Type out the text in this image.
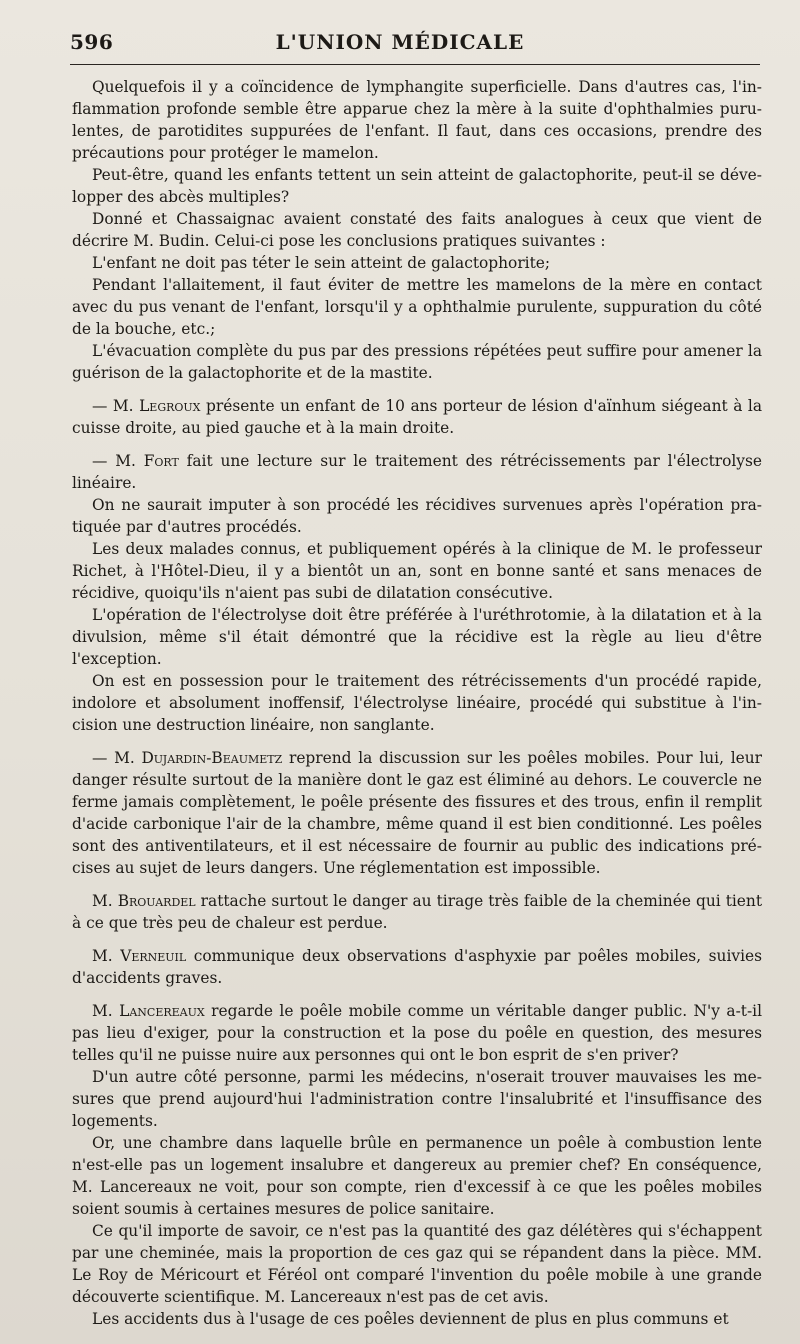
596	L'UNION MÉDICALE

Quelquefois il y a coïncidence de lymphangite superficielle. Dans d'autres cas, l'inflammation profonde semble être apparue chez la mère à la suite d'ophthalmies purulentes, de parotidites suppurées de l'enfant. Il faut, dans ces occasions, prendre des précautions pour protéger le mamelon.

Peut-être, quand les enfants tettent un sein atteint de galactophorite, peut-il se développer des abcès multiples?

Donné et Chassaignac avaient constaté des faits analogues à ceux que vient de décrire M. Budin. Celui-ci pose les conclusions pratiques suivantes :

L'enfant ne doit pas téter le sein atteint de galactophorite;

Pendant l'allaitement, il faut éviter de mettre les mamelons de la mère en contact avec du pus venant de l'enfant, lorsqu'il y a ophthalmie purulente, suppuration du côté de la bouche, etc.;

L'évacuation complète du pus par des pressions répétées peut suffire pour amener la guérison de la galactophorite et de la mastite.

— M. Legroux présente un enfant de 10 ans porteur de lésion d'aïnhum siégeant à la cuisse droite, au pied gauche et à la main droite.

— M. Fort fait une lecture sur le traitement des rétrécissements par l'électrolyse linéaire.

On ne saurait imputer à son procédé les récidives survenues après l'opération pratiquée par d'autres procédés.

Les deux malades connus, et publiquement opérés à la clinique de M. le professeur Richet, à l'Hôtel-Dieu, il y a bientôt un an, sont en bonne santé et sans menaces de récidive, quoiqu'ils n'aient pas subi de dilatation consécutive.

L'opération de l'électrolyse doit être préférée à l'uréthrotomie, à la dilatation et à la divulsion, même s'il était démontré que la récidive est la règle au lieu d'être l'exception.

On est en possession pour le traitement des rétrécissements d'un procédé rapide, indolore et absolument inoffensif, l'électrolyse linéaire, procédé qui substitue à l'incision une destruction linéaire, non sanglante.

— M. Dujardin-Beaumetz reprend la discussion sur les poêles mobiles. Pour lui, leur danger résulte surtout de la manière dont le gaz est éliminé au dehors. Le couvercle ne ferme jamais complètement, le poêle présente des fissures et des trous, enfin il remplit d'acide carbonique l'air de la chambre, même quand il est bien conditionné. Les poêles sont des antiventilateurs, et il est nécessaire de fournir au public des indications précises au sujet de leurs dangers. Une réglementation est impossible.

M. Brouardel rattache surtout le danger au tirage très faible de la cheminée qui tient à ce que très peu de chaleur est perdue.

M. Verneuil communique deux observations d'asphyxie par poêles mobiles, suivies d'accidents graves.

M. Lancereaux regarde le poêle mobile comme un véritable danger public. N'y a-t-il pas lieu d'exiger, pour la construction et la pose du poêle en question, des mesures telles qu'il ne puisse nuire aux personnes qui ont le bon esprit de s'en priver?

D'un autre côté personne, parmi les médecins, n'oserait trouver mauvaises les mesures que prend aujourd'hui l'administration contre l'insalubrité et l'insuffisance des logements.

Or, une chambre dans laquelle brûle en permanence un poêle à combustion lente n'est-elle pas un logement insalubre et dangereux au premier chef? En conséquence, M. Lancereaux ne voit, pour son compte, rien d'excessif à ce que les poêles mobiles soient soumis à certaines mesures de police sanitaire.

Ce qu'il importe de savoir, ce n'est pas la quantité des gaz délétères qui s'échappent par une cheminée, mais la proportion de ces gaz qui se répandent dans la pièce. MM. Le Roy de Méricourt et Féréol ont comparé l'invention du poêle mobile à une grande découverte scientifique. M. Lancereaux n'est pas de cet avis.

Les accidents dus à l'usage de ces poêles deviennent de plus en plus communs et
